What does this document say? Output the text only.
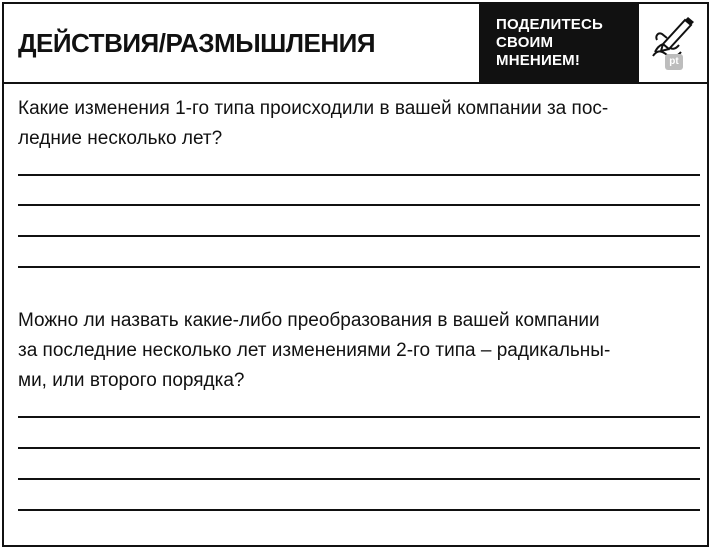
ДЕЙСТВИЯ/РАЗМЫШЛЕНИЯ
ПОДЕЛИТЕСЬ
СВОИМ
МНЕНИЕМ!	pt
Какие изменения 1-го типа происходили в вашей компании за пос-
ледние несколько лет?
Можно ли назвать какие-либо преобразования в вашей компании
за последние несколько лет изменениями 2-го типа – радикальны-
ми, или второго порядка?
